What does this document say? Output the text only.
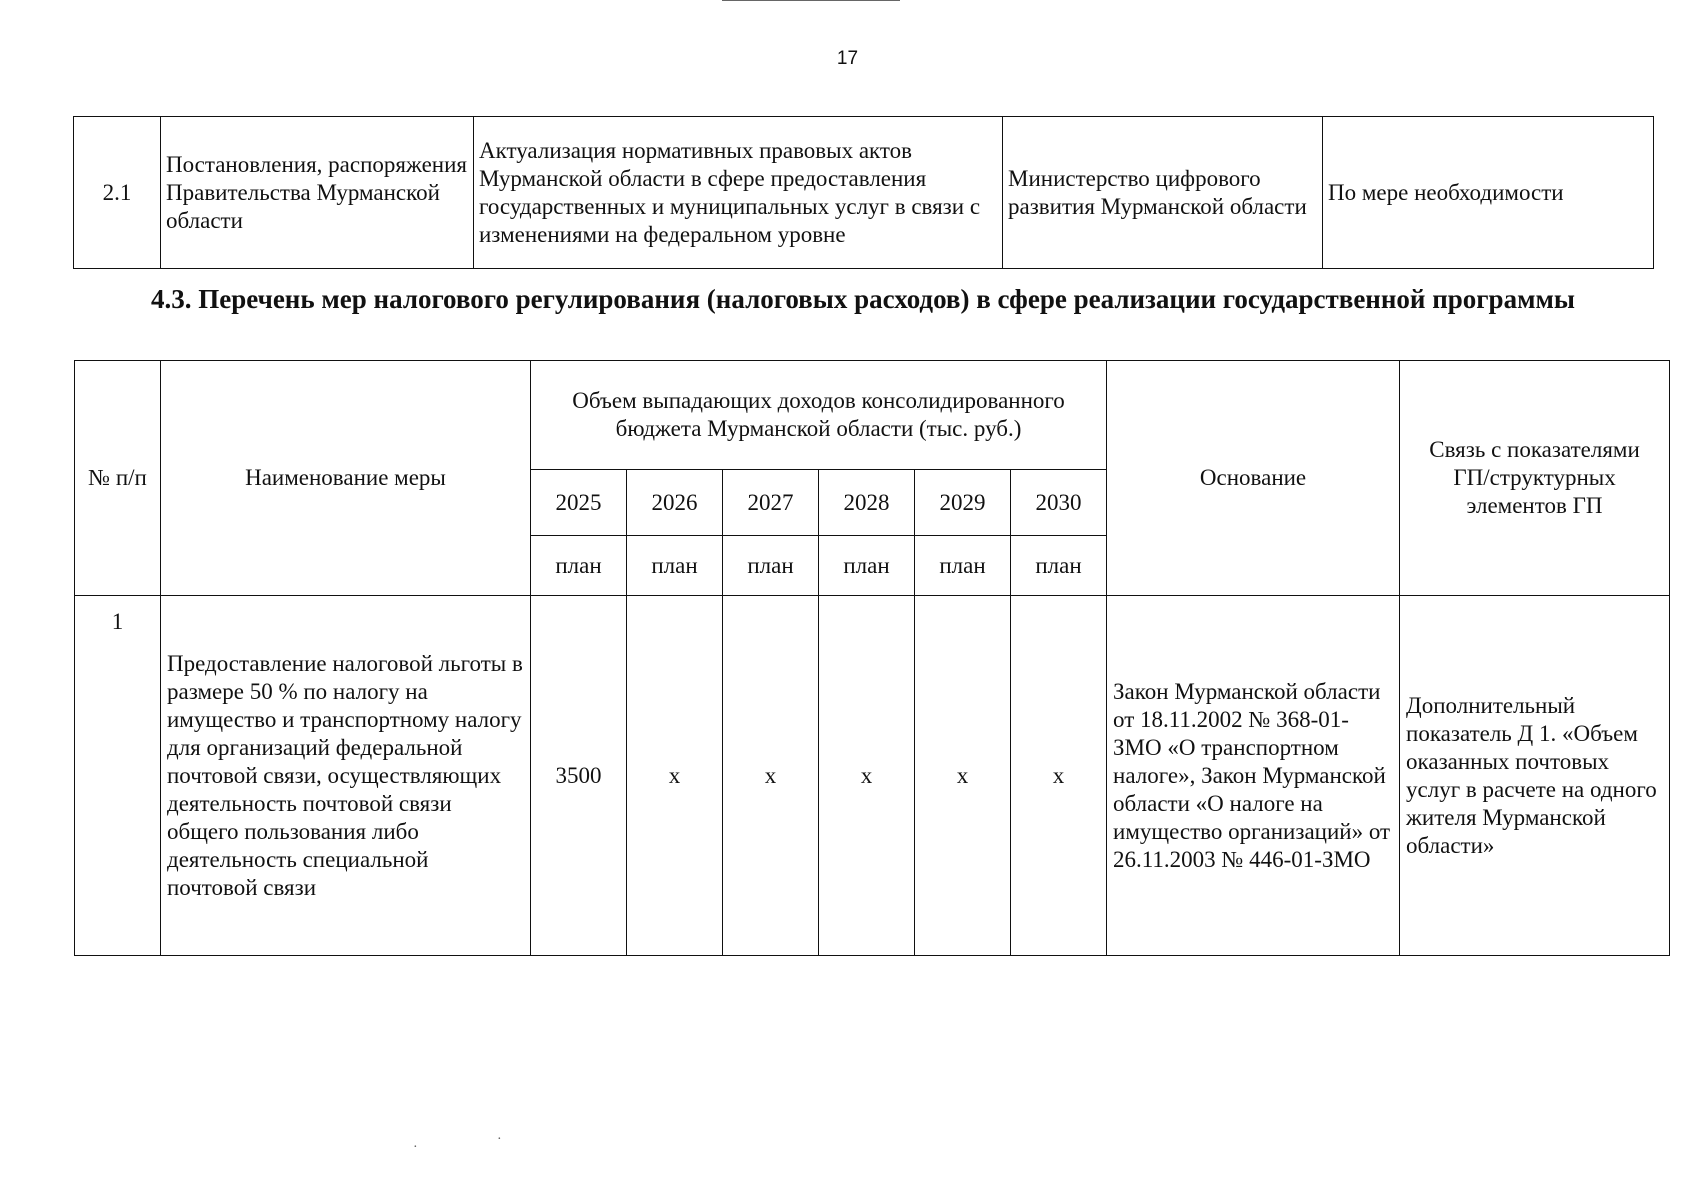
17
2.1	Постановления, распоряжения Правительства Мурманской области	Актуализация нормативных правовых актов Мурманской области в сфере предоставления государственных и муниципальных услуг в связи с изменениями на федеральном уровне	Министерство цифрового развития Мурманской области	По мере необходимости
4.3. Перечень мер налогового регулирования (налоговых расходов) в сфере реализации государственной программы
№ п/п	Наименование меры	Объем выпадающих доходов консолидированного бюджета Мурманской области (тыс. руб.)						Основание	Связь с показателями ГП/структурных элементов ГП
		2025	2026	2027	2028	2029	2030		
		план	план	план	план	план	план		
1	Предоставление налоговой льготы в размере 50 % по налогу на имущество и транспортному налогу для организаций федеральной почтовой связи, осуществляющих деятельность почтовой связи общего пользования либо деятельность специальной почтовой связи	3500	х	х	х	х	х	Закон Мурманской области от 18.11.2002 № 368-01-ЗМО «О транспортном налоге», Закон Мурманской области «О налоге на имущество организаций» от 26.11.2003 № 446-01-ЗМО	Дополнительный показатель Д 1. «Объем оказанных почтовых услуг в расчете на одного жителя Мурманской области»
·
·
